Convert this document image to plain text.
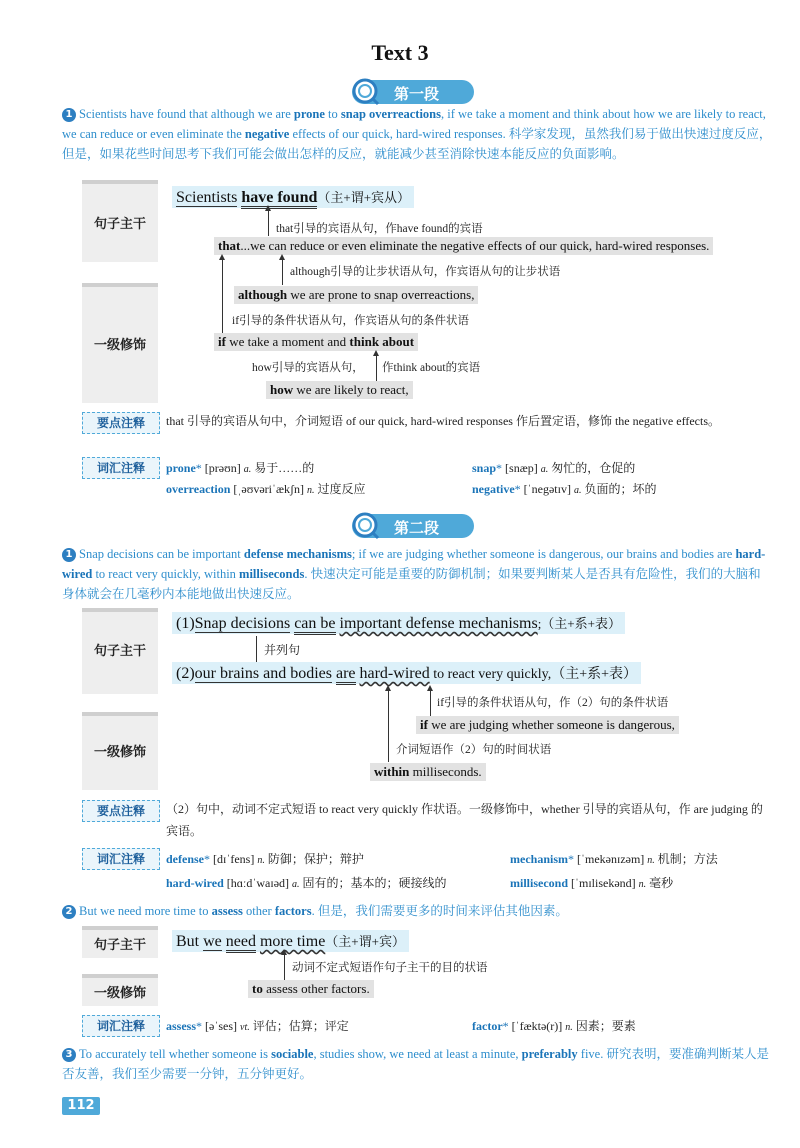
Text 3
第一段
1 Scientists have found that although we are prone to snap overreactions, if we take a moment and think about how we are likely to react, we can reduce or even eliminate the negative effects of our quick, hard-wired responses. 科学家发现，虽然我们易于做出快速过度反应，但是，如果花些时间思考下我们可能会做出怎样的反应，就能减少甚至消除快速本能反应的负面影响。
句子主干
一级修饰
Scientists have found（主+谓+宾从）
that引导的宾语从句，作have found的宾语
that...we can reduce or even eliminate the negative effects of our quick, hard-wired responses.
although引导的让步状语从句，作宾语从句的让步状语
although we are prone to snap overreactions,
if引导的条件状语从句，作宾语从句的条件状语
if we take a moment and think about
how引导的宾语从句， 作think about的宾语
how we are likely to react,
要点注释	that 引导的宾语从句中，介词短语 of our quick, hard-wired responses 作后置定语，修饰 the negative effects。
词汇注释	prone* [prəʊn] a. 易于……的	snap* [snæp] a. 匆忙的，仓促的
overreaction [ˌəʊvəriˈækʃn] n. 过度反应	negative* [ˈnegətɪv] a. 负面的；坏的
第二段
1 Snap decisions can be important defense mechanisms; if we are judging whether someone is dangerous, our brains and bodies are hard-wired to react very quickly, within milliseconds. 快速决定可能是重要的防御机制；如果要判断某人是否具有危险性，我们的大脑和身体就会在几毫秒内本能地做出快速反应。
句子主干
一级修饰
(1)Snap decisions can be important defense mechanisms;（主+系+表）
并列句
(2)our brains and bodies are hard-wired to react very quickly,（主+系+表）
if引导的条件状语从句，作（2）句的条件状语
if we are judging whether someone is dangerous,
介词短语作（2）句的时间状语
within milliseconds.
要点注释	（2）句中，动词不定式短语 to react very quickly 作状语。一级修饰中，whether 引导的宾语从句，作 are judging 的宾语。
词汇注释	defense* [dɪˈfens] n. 防御；保护；辩护	mechanism* [ˈmekənɪzəm] n. 机制；方法
hard-wired [hɑːdˈwaɪəd] a. 固有的；基本的；硬接线的	millisecond [ˈmɪlisekənd] n. 毫秒
2 But we need more time to assess other factors. 但是，我们需要更多的时间来评估其他因素。
句子主干
一级修饰
But we need more time（主+谓+宾）
动词不定式短语作句子主干的目的状语
to assess other factors.
词汇注释	assess* [əˈses] vt. 评估；估算；评定	factor* [ˈfæktə(r)] n. 因素；要素
3 To accurately tell whether someone is sociable, studies show, we need at least a minute, preferably five. 研究表明，要准确判断某人是否友善，我们至少需要一分钟，五分钟更好。
112
